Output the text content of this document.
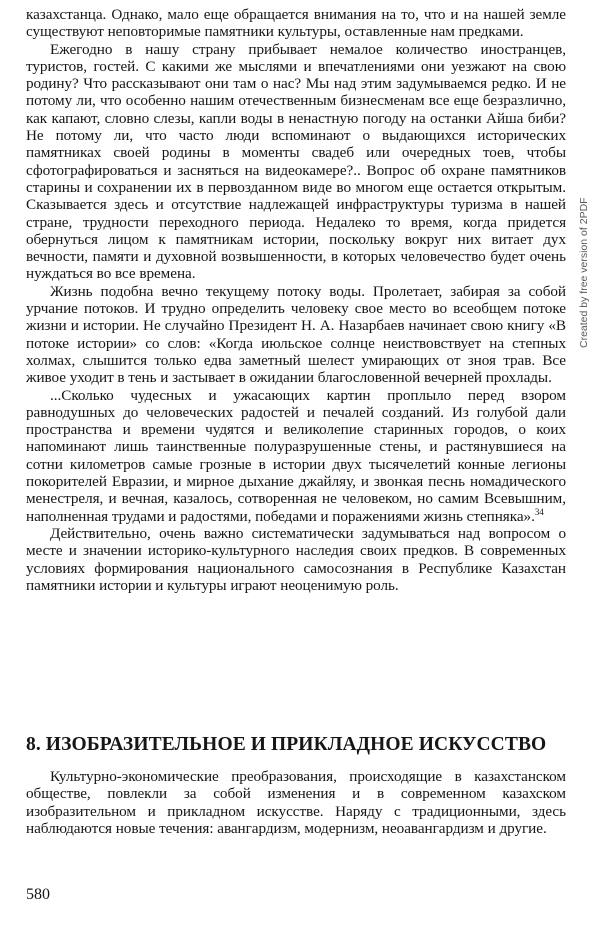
казахстанца. Однако, мало еще обращается внимания на то, что и на нашей земле существуют неповторимые памятники культуры, оставленные нам предками.

Ежегодно в нашу страну прибывает немалое количество иностранцев, туристов, гостей. С какими же мыслями и впечатлениями они уезжают на свою родину? Что рассказывают они там о нас? Мы над этим задумываемся редко. И не потому ли, что особенно нашим отечественным бизнесменам все еще безразлично, как капают, словно слезы, капли воды в ненастную погоду на останки Айша биби? Не потому ли, что часто люди вспоминают о выдающихся исторических памятниках своей родины в моменты свадеб или очередных тоев, чтобы сфотографироваться и засняться на видеокамере?.. Вопрос об охране памятников старины и сохранении их в первозданном виде во многом еще остается открытым. Сказывается здесь и отсутствие надлежащей инфраструктуры туризма в нашей стране, трудности переходного периода. Недалеко то время, когда придется обернуться лицом к памятникам истории, поскольку вокруг них витает дух вечности, памяти и духовной возвышенности, в которых человечество будет очень нуждаться во все времена.

Жизнь подобна вечно текущему потоку воды. Пролетает, забирая за собой урчание потоков. И трудно определить человеку свое место во всеобщем потоке жизни и истории. Не случайно Президент Н. А. Назарбаев начинает свою книгу «В потоке истории» со слов: «Когда июльское солнце неиствовствует на степных холмах, слышится только едва заметный шелест умирающих от зноя трав. Все живое уходит в тень и застывает в ожидании благословенной вечерней прохлады.

...Сколько чудесных и ужасающих картин проплыло перед взором равнодушных до человеческих радостей и печалей созданий. Из голубой дали пространства и времени чудятся и великолепие старинных городов, о коих напоминают лишь таинственные полуразрушенные стены, и растянувшиеся на сотни километров самые грозные в истории двух тысячелетий конные легионы покорителей Евразии, и мирное дыхание джайляу, и звонкая песнь номадического менестреля, и вечная, казалось, сотворенная не человеком, но самим Всевышним, наполненная трудами и радостями, победами и поражениями жизнь степняка».$^{34}$

Действительно, очень важно систематически задумываться над вопросом о месте и значении историко-культурного наследия своих предков. В современных условиях формирования национального самосознания в Республике Казахстан памятники истории и культуры играют неоценимую роль.

8. ИЗОБРАЗИТЕЛЬНОЕ И ПРИКЛАДНОЕ ИСКУССТВО

Культурно-экономические преобразования, происходящие в казахстанском обществе, повлекли за собой изменения и в современном казахском изобразительном и прикладном искусстве. Наряду с традиционными, здесь наблюдаются новые течения: авангардизм, модернизм, неоавангардизм и другие.

580

Created by free version of 2PDF
